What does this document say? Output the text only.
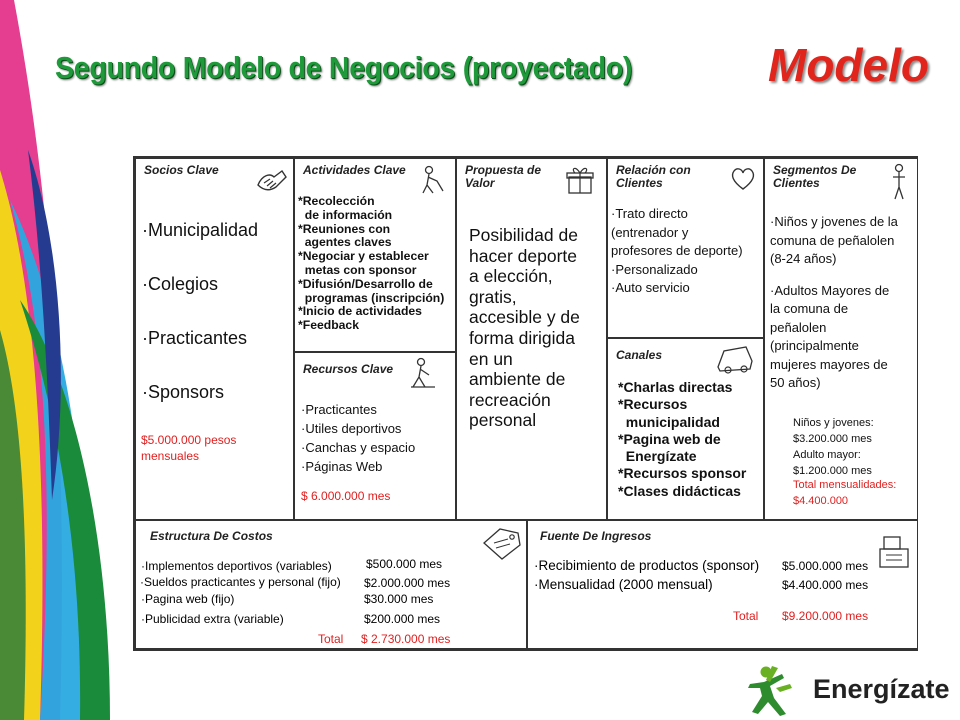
Segundo Modelo de Negocios (proyectado)	Modelo
Socios Clave
·Municipalidad
·Colegios
·Practicantes
·Sponsors
$5.000.000 pesos
mensuales
Actividades Clave
*Recolección
de información
*Reuniones con
agentes claves
*Negociar y establecer
metas con sponsor
*Difusión/Desarrollo de
programas (inscripción)
*Inicio de actividades
*Feedback
Recursos Clave
·Practicantes
·Utiles deportivos
·Canchas y espacio
·Páginas Web
$ 6.000.000 mes
Propuesta de
Valor
Posibilidad de
hacer deporte
a elección,
gratis,
accesible y de
forma dirigida
en un
ambiente de
recreación
personal
Relación con
Clientes
·Trato directo
(entrenador y
profesores de deporte)
·Personalizado
·Auto servicio
Canales
*Charlas directas
*Recursos
municipalidad
*Pagina web de
Energízate
*Recursos sponsor
*Clases didácticas
Segmentos De
Clientes
·Niños y jovenes de la
comuna de peñalolen
(8-24 años)
·Adultos Mayores de
la comuna de
peñalolen
(principalmente
mujeres mayores de
50 años)
Niños y jovenes:
$3.200.000 mes
Adulto mayor:
$1.200.000 mes
Total mensualidades:
$4.400.000
Estructura De Costos
·Implementos deportivos (variables)
·Sueldos practicantes y personal (fijo)
·Pagina web (fijo)
·Publicidad extra (variable)
$500.000 mes
$2.000.000 mes
$30.000 mes
$200.000 mes
Total $ 2.730.000 mes
Fuente De Ingresos
·Recibimiento de productos (sponsor)
·Mensualidad (2000 mensual)
$5.000.000 mes
$4.400.000 mes
Total $9.200.000 mes
Energízate
